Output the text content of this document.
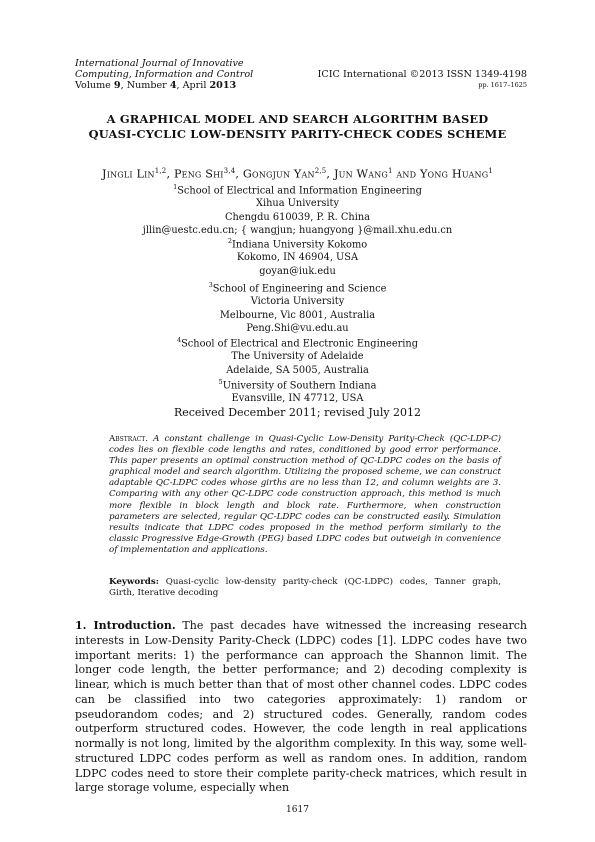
International Journal of Innovative
Computing, Information and Control
Volume 9, Number 4, April 2013
ICIC International ©2013 ISSN 1349-4198
pp. 1617–1625
A GRAPHICAL MODEL AND SEARCH ALGORITHM BASED
QUASI-CYCLIC LOW-DENSITY PARITY-CHECK CODES SCHEME
Jingli Lin$^{1,2}$, Peng Shi$^{3,4}$, Gongjun Yan$^{2,5}$, Jun Wang$^1$ and Yong Huang$^1$
$^1$School of Electrical and Information Engineering
Xihua University
Chengdu 610039, P. R. China
jllin@uestc.edu.cn; { wangjun; huangyong }@mail.xhu.edu.cn
$^2$Indiana University Kokomo
Kokomo, IN 46904, USA
goyan@iuk.edu
$^3$School of Engineering and Science
Victoria University
Melbourne, Vic 8001, Australia
Peng.Shi@vu.edu.au
$^4$School of Electrical and Electronic Engineering
The University of Adelaide
Adelaide, SA 5005, Australia
$^5$University of Southern Indiana
Evansville, IN 47712, USA
Received December 2011; revised July 2012
Abstract. A constant challenge in Quasi-Cyclic Low-Density Parity-Check (QC-LDP-C) codes lies on flexible code lengths and rates, conditioned by good error performance. This paper presents an optimal construction method of QC-LDPC codes on the basis of graphical model and search algorithm. Utilizing the proposed scheme, we can construct adaptable QC-LDPC codes whose girths are no less than 12, and column weights are 3. Comparing with any other QC-LDPC code construction approach, this method is much more flexible in block length and block rate. Furthermore, when construction parameters are selected, regular QC-LDPC codes can be constructed easily. Simulation results indicate that LDPC codes proposed in the method perform similarly to the classic Progressive Edge-Growth (PEG) based LDPC codes but outweigh in convenience of implementation and applications.
Keywords: Quasi-cyclic low-density parity-check (QC-LDPC) codes, Tanner graph, Girth, Iterative decoding
1. Introduction. The past decades have witnessed the increasing research interests in Low-Density Parity-Check (LDPC) codes [1]. LDPC codes have two important merits: 1) the performance can approach the Shannon limit. The longer code length, the better performance; and 2) decoding complexity is linear, which is much better than that of most other channel codes. LDPC codes can be classified into two categories approximately: 1) random or pseudorandom codes; and 2) structured codes. Generally, random codes outperform structured codes. However, the code length in real applications normally is not long, limited by the algorithm complexity. In this way, some well-structured LDPC codes perform as well as random ones. In addition, random LDPC codes need to store their complete parity-check matrices, which result in large storage volume, especially when
1617
